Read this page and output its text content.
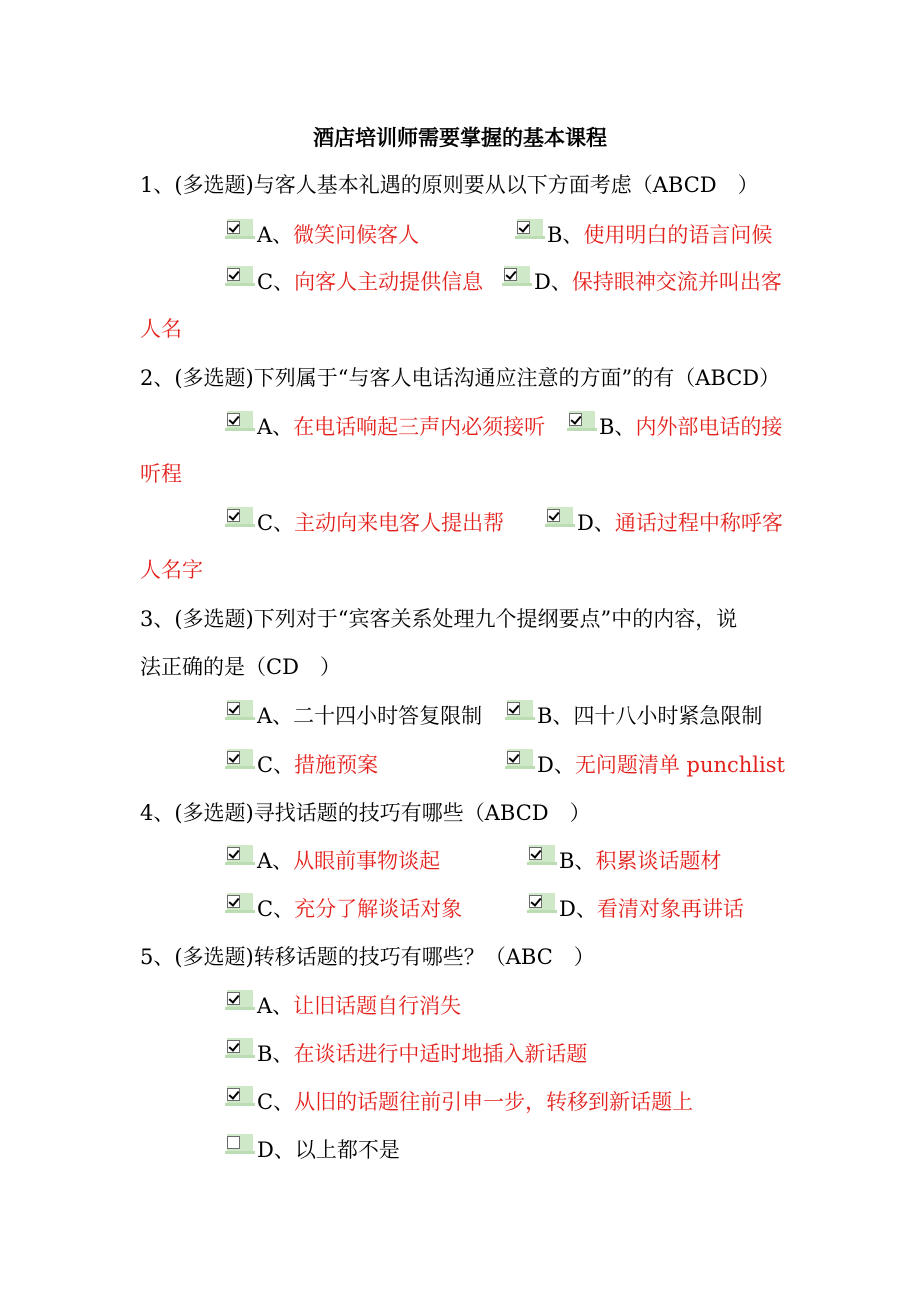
酒店培训师需要掌握的基本课程
1、(多选题)与客人基本礼遇的原则要从以下方面考虑（ABCD　）
A、 微笑问候客人	B、 使用明白的语言问候
C、 向客人主动提供信息 D、 保持眼神交流并叫出客
人名
2、(多选题)下列属于“与客人电话沟通应注意的方面”的有（ABCD）
A、 在电话响起三声内必须接听	B、 内外部电话的接
听程
C、 主动向来电客人提出帮	D、 通话过程中称呼客
人名字
3、(多选题)下列对于“宾客关系处理九个提纲要点”中的内容，说
法正确的是（CD　）
A、 二十四小时答复限制	B、 四十八小时紧急限制
C、 措施预案	D、 无问题清单 punchlist
4、(多选题)寻找话题的技巧有哪些（ABCD　）
A、 从眼前事物谈起	B、 积累谈话题材
C、 充分了解谈话对象	D、 看清对象再讲话
5、(多选题)转移话题的技巧有哪些？（ABC　）
A、 让旧话题自行消失
B、 在谈话进行中适时地插入新话题
C、 从旧的话题往前引申一步，转移到新话题上
D、 以上都不是
